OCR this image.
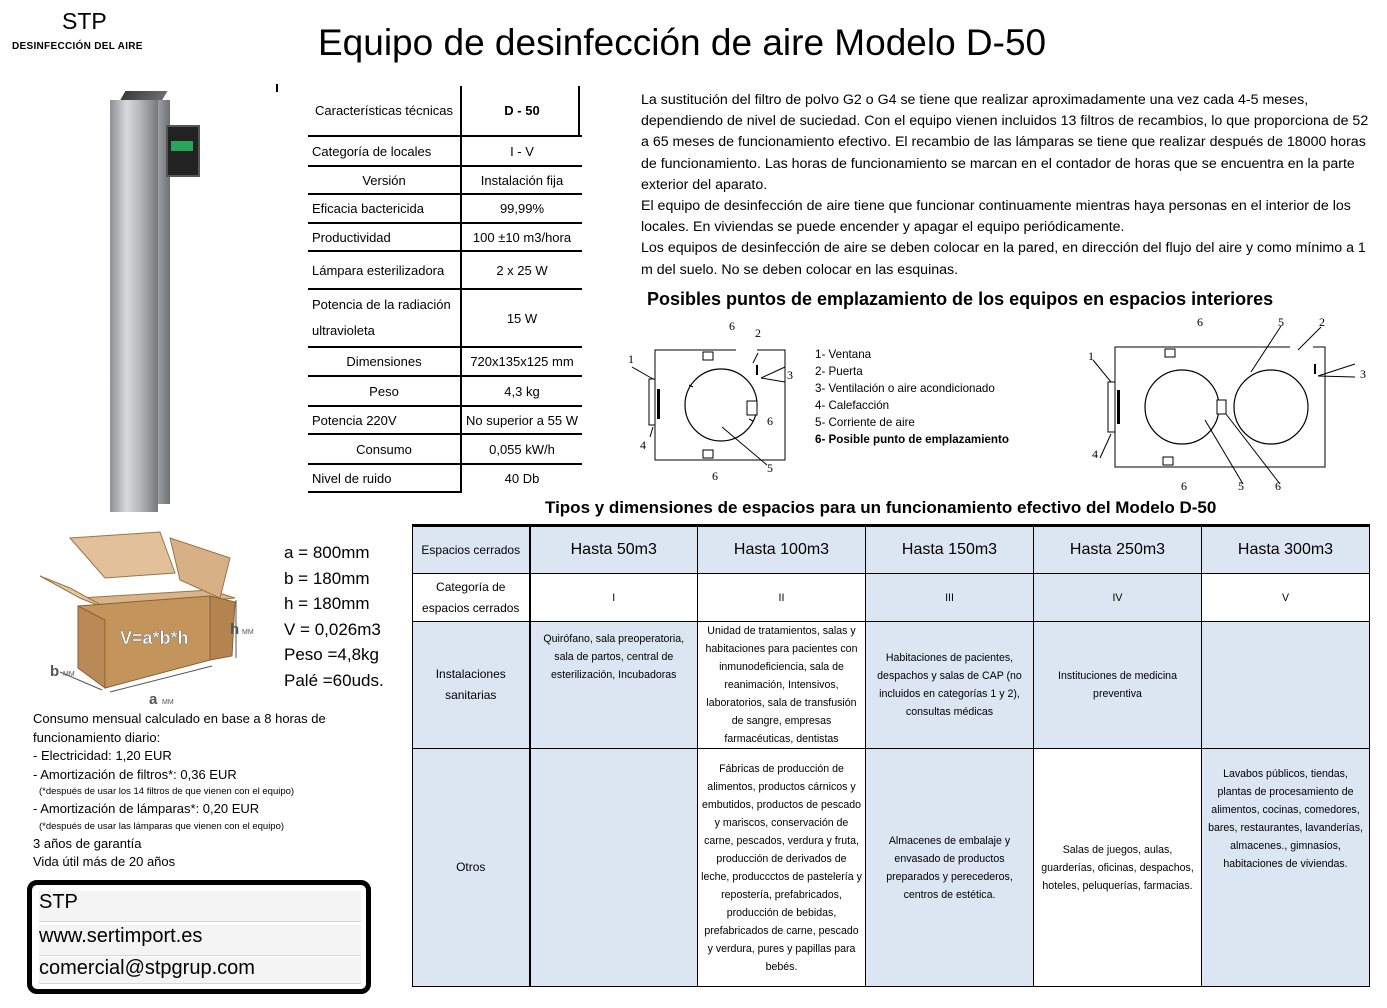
STP
DESINFECCIÓN DEL AIRE	Equipo de desinfección de aire Modelo D-50
Características técnicas	D - 50
Categoría de locales	I - V
Versión	Instalación fija
Eficacia bactericida	99,99%
Productividad	100 ±10 m3/hora
Lámpara esterilizadora	2 x 25 W
Potencia de la radiación ultravioleta	15 W
Dimensiones	720x135x125 mm
Peso	4,3 kg
Potencia 220V	No superior a 55 W
Consumo	0,055 kW/h
Nivel de ruido	40 Db

La sustitución del filtro de polvo G2 o G4 se tiene que realizar aproximadamente una vez cada 4-5 meses, dependiendo de nivel de suciedad. Con el equipo vienen incluidos 13 filtros de recambios, lo que proporciona de 52 a 65 meses de funcionamiento efectivo. El recambio de las lámparas se tiene que realizar después de 18000 horas de funcionamiento. Las horas de funcionamiento se marcan en el contador de horas que se encuentra en la parte exterior del aparato.

El equipo de desinfección de aire tiene que funcionar continuamente mientras haya personas en el interior de los locales. En viviendas se puede encender y apagar el equipo periódicamente.

Los equipos de desinfección de aire se deben colocar en la pared, en dirección del flujo del aire y como mínimo a 1 m del suelo. No se deben colocar en las esquinas.

Posibles puntos de emplazamiento de los equipos en espacios interiores
1
2
3
4
5
6
6
6
1- Ventana
2- Puerta
3- Ventilación o aire acondicionado
4- Calefacción
5- Corriente de aire
6- Posible punto de emplazamiento
1
2
3
4
5
5
6
6	6
V=a*b*h	h MM
b MM
a MM
a = 800mm
b = 180mm
h = 180mm
V = 0,026m3
Peso =4,8kg
Palé =60uds.
Consumo mensual calculado en base a 8 horas de
funcionamiento diario:
- Electricidad: 1,20 EUR
- Amortización de filtros*: 0,36 EUR
(*después de usar los 14 filtros de que vienen con el equipo)
- Amortización de lámparas*: 0,20 EUR
(*después de usar las lámparas que vienen con el equipo)
3 años de garantía
Vida útil más de 20 años
STP
www.sertimport.es
comercial@stpgrup.com
Tipos y dimensiones de espacios para un funcionamiento efectivo del Modelo D-50
Espacios cerrados	Hasta 50m3	Hasta 100m3	Hasta 150m3	Hasta 250m3	Hasta 300m3
Categoría de espacios cerrados	I	II	III	IV	V
Instalaciones sanitarias	Quirófano, sala preoperatoria, sala de partos, central de esterilización, Incubadoras	Unidad de tratamientos, salas y habitaciones para pacientes con inmunodeficiencia, sala de reanimación, Intensivos, laboratorios, sala de transfusión de sangre, empresas farmacéuticas, dentistas	Habitaciones de pacientes, despachos y salas de CAP (no incluidos en categorías 1 y 2), consultas médicas	Instituciones de medicina preventiva	
Otros		Fábricas de producción de alimentos, productos cárnicos y embutidos, productos de pescado y mariscos, conservación de carne, pescados, verdura y fruta, producción de derivados de leche, produccctos de pastelería y repostería, prefabricados, producción de bebidas, prefabricados de carne, pescado y verdura, pures y papillas para bebés.	Almacenes de embalaje y envasado de productos preparados y perecederos, centros de estética.	Salas de juegos, aulas, guarderías, oficinas, despachos, hoteles, peluquerías, farmacias.	Lavabos públicos, tiendas, plantas de procesamiento de alimentos, cocinas, comedores, bares, restaurantes, lavanderías, almacenes., gimnasios, habitaciones de viviendas.
